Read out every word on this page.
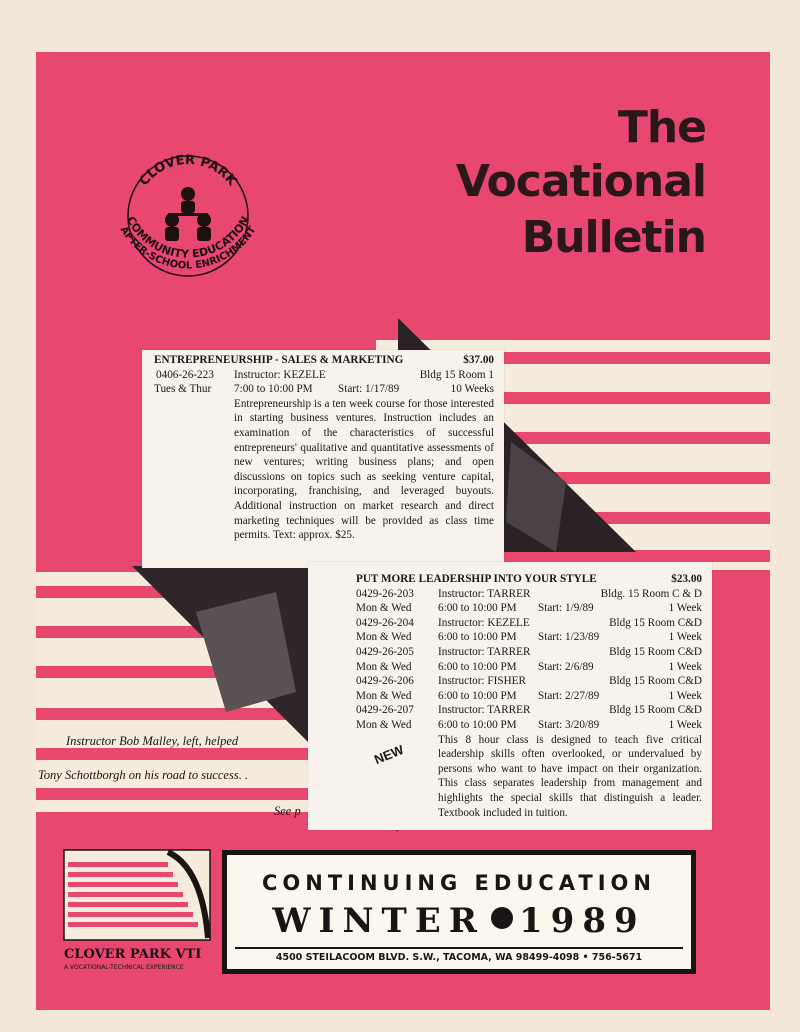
The
Vocational
Bulletin
CLOVER PARK
COMMUNITY EDUCATION
AFTER-SCHOOL ENRICHMENT
ENTREPRENEURSHIP - SALES & MARKETING	$37.00
0406-26-223	Instructor: KEZELE	Bldg 15 Room 1
Tues & Thur	7:00 to 10:00 PM	Start: 1/17/89	10 Weeks
Entrepreneurship is a ten week course for those interested in starting business ventures. Instruction includes an examination of the characteristics of successful entrepreneurs' qualitative and quantitative assessments of new ventures; writing business plans; and open discussions on topics such as seeking venture capital, incorporating, franchising, and leveraged buyouts. Additional instruction on market research and direct marketing techniques will be provided as class time permits. Text: approx. $25.
PUT MORE LEADERSHIP INTO YOUR STYLE	$23.00
0429-26-203	Instructor: TARRER	Bldg. 15 Room C & D
Mon & Wed	6:00 to 10:00 PM	Start: 1/9/89	1 Week
0429-26-204	Instructor: KEZELE	Bldg 15 Room C&D
Mon & Wed	6:00 to 10:00 PM	Start: 1/23/89	1 Week
0429-26-205	Instructor: TARRER	Bldg 15 Room C&D
Mon & Wed	6:00 to 10:00 PM	Start: 2/6/89	1 Week
0429-26-206	Instructor: FISHER	Bldg 15 Room C&D
Mon & Wed	6:00 to 10:00 PM	Start: 2/27/89	1 Week
0429-26-207	Instructor: TARRER	Bldg 15 Room C&D
Mon & Wed	6:00 to 10:00 PM	Start: 3/20/89	1 Week
This 8 hour class is designed to teach five critical leadership skills often overlooked, or undervalued by persons who want to have impact on their organization. This class separates leadership from management and highlights the special skills that distinguish a leader. Textbook included in tuition.
NEW
Instructor Bob Malley, left, helped
Tony Schottborgh on his road to success. .
See p
CLOVER PARK VTI
A VOCATIONAL-TECHNICAL EXPERIENCE
CONTINUING EDUCATION
WINTER 1989
4500 STEILACOOM BLVD. S.W., TACOMA, WA 98499-4098 • 756-5671
